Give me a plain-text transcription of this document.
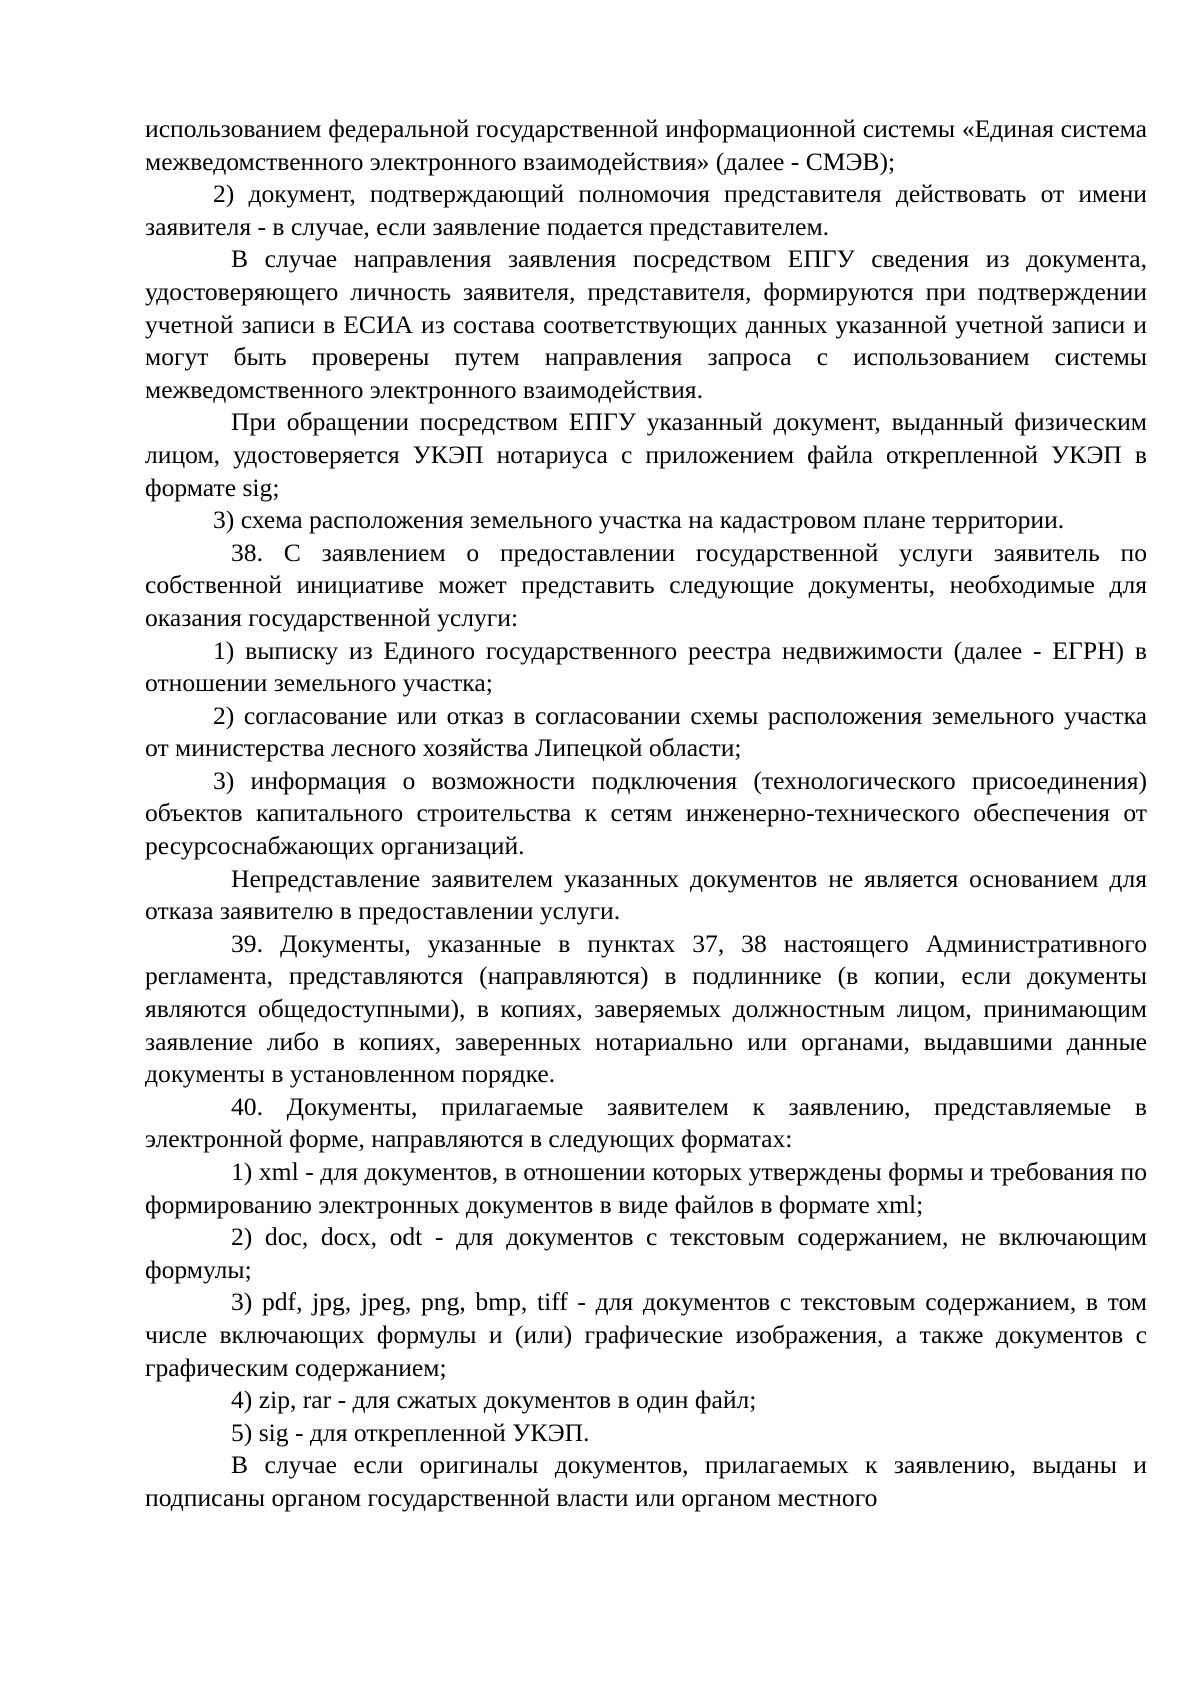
использованием федеральной государственной информационной системы «Единая система межведомственного электронного взаимодействия» (далее - СМЭВ);

2) документ, подтверждающий полномочия представителя действовать от имени заявителя - в случае, если заявление подается представителем.

В случае направления заявления посредством ЕПГУ сведения из документа, удостоверяющего личность заявителя, представителя, формируются при подтверждении учетной записи в ЕСИА из состава соответствующих данных указанной учетной записи и могут быть проверены путем направления запроса с использованием системы межведомственного электронного взаимодействия.

При обращении посредством ЕПГУ указанный документ, выданный физическим лицом, удостоверяется УКЭП нотариуса с приложением файла открепленной УКЭП в формате sig;

3) схема расположения земельного участка на кадастровом плане территории.

38. С заявлением о предоставлении государственной услуги заявитель по собственной инициативе может представить следующие документы, необходимые для оказания государственной услуги:

1) выписку из Единого государственного реестра недвижимости (далее - ЕГРН) в отношении земельного участка;

2) согласование или отказ в согласовании схемы расположения земельного участка от министерства лесного хозяйства Липецкой области;

3) информация о возможности подключения (технологического присоединения) объектов капитального строительства к сетям инженерно-технического обеспечения от ресурсоснабжающих организаций.

Непредставление заявителем указанных документов не является основанием для отказа заявителю в предоставлении услуги.

39. Документы, указанные в пунктах 37, 38 настоящего Административного регламента, представляются (направляются) в подлиннике (в копии, если документы являются общедоступными), в копиях, заверяемых должностным лицом, принимающим заявление либо в копиях, заверенных нотариально или органами, выдавшими данные документы в установленном порядке.

40. Документы, прилагаемые заявителем к заявлению, представляемые в электронной форме, направляются в следующих форматах:

1) xml - для документов, в отношении которых утверждены формы и требования по формированию электронных документов в виде файлов в формате xml;

2) doc, docx, odt - для документов с текстовым содержанием, не включающим формулы;

3) pdf, jpg, jpeg, png, bmp, tiff - для документов с текстовым содержанием, в том числе включающих формулы и (или) графические изображения, а также документов с графическим содержанием;

4) zip, rar - для сжатых документов в один файл;

5) sig - для открепленной УКЭП.

В случае если оригиналы документов, прилагаемых к заявлению, выданы и подписаны органом государственной власти или органом местного
